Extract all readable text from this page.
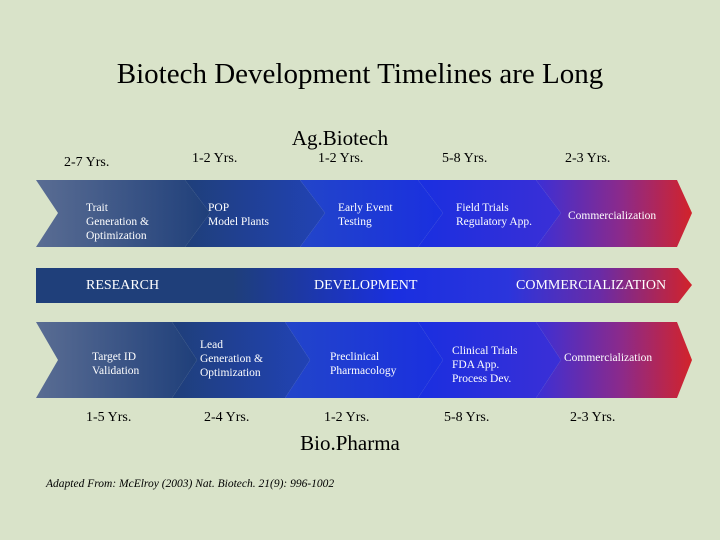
Biotech Development Timelines are Long
Ag.Biotech
2-7 Yrs.	1-2 Yrs.	1-2 Yrs.	5-8 Yrs.	2-3 Yrs.
Trait
Generation &
Optimization
POP
Model Plants
Early Event
Testing
Field Trials
Regulatory App.	Commercialization
RESEARCH	DEVELOPMENT	COMMERCIALIZATION
Target ID
Validation
Lead
Generation &
Optimization
Preclinical
Pharmacology
Clinical Trials
FDA App.
Process Dev.
Commercialization
1-5 Yrs.	2-4 Yrs.	1-2 Yrs.	5-8 Yrs.	2-3 Yrs.
Bio.Pharma
Adapted From: McElroy (2003) Nat. Biotech. 21(9): 996-1002
